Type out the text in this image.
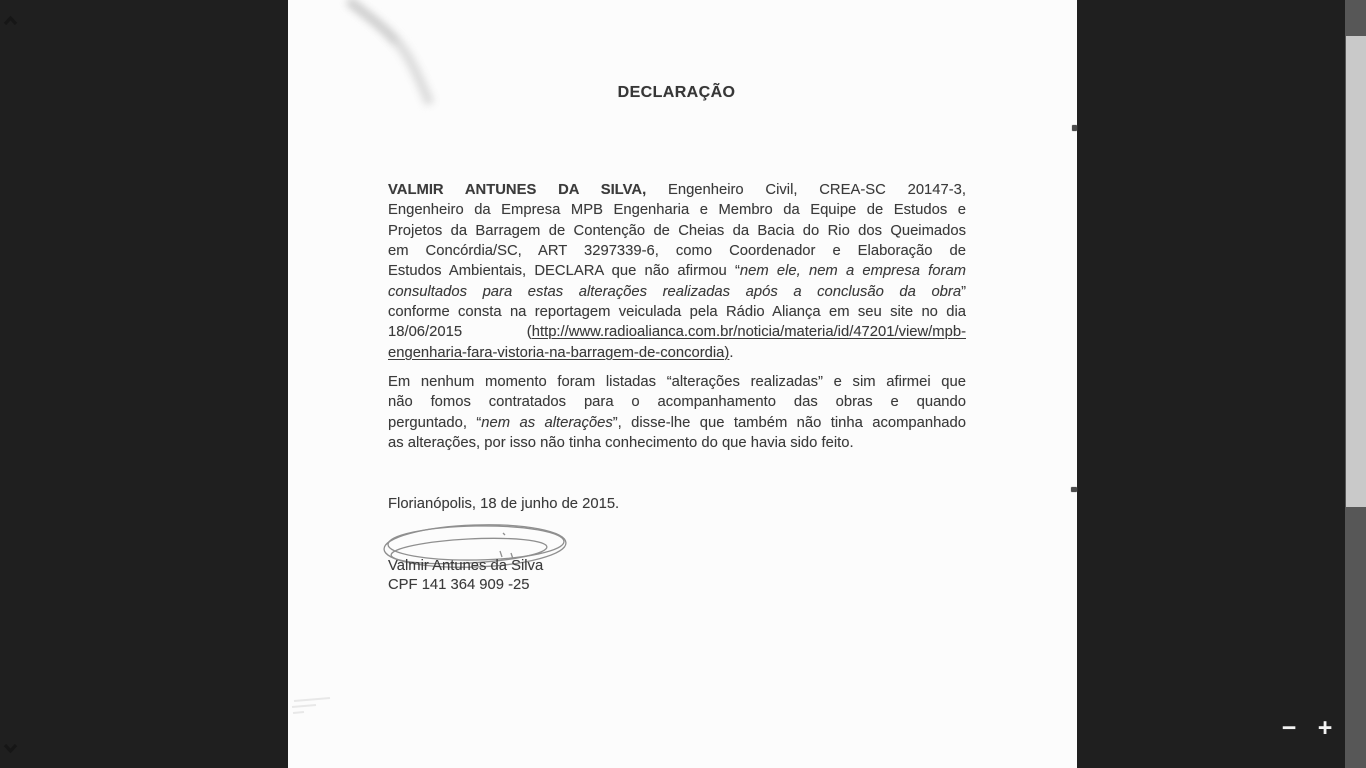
DECLARAÇÃO
VALMIR ANTUNES DA SILVA, Engenheiro Civil, CREA-SC 20147-3,
Engenheiro da Empresa MPB Engenharia e Membro da Equipe de Estudos e
Projetos da Barragem de Contenção de Cheias da Bacia do Rio dos Queimados
em Concórdia/SC, ART 3297339-6, como Coordenador e Elaboração de
Estudos Ambientais, DECLARA que não afirmou “nem ele, nem a empresa foram
consultados para estas alterações realizadas após a conclusão da obra”
conforme consta na reportagem veiculada pela Rádio Aliança em seu site no dia
18/06/2015 (http://www.radioalianca.com.br/noticia/materia/id/47201/view/mpb-
engenharia-fara-vistoria-na-barragem-de-concordia).
Em nenhum momento foram listadas “alterações realizadas” e sim afirmei que
não fomos contratados para o acompanhamento das obras e quando
perguntado, “nem as alterações”, disse-lhe que também não tinha acompanhado
as alterações, por isso não tinha conhecimento do que havia sido feito.
Florianópolis, 18 de junho de 2015.
Valmir Antunes da Silva
CPF 141 364 909 -25
− +
